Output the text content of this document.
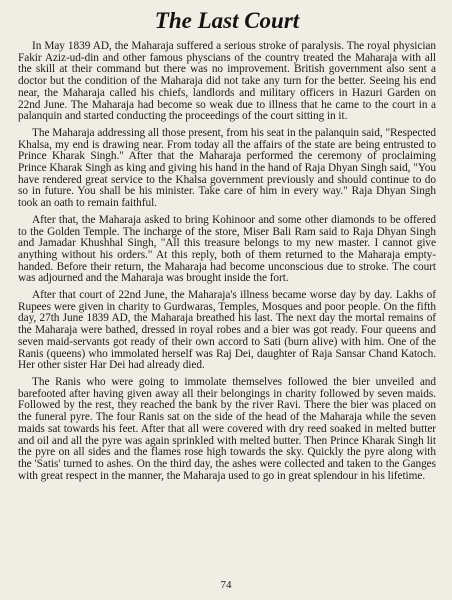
The Last Court

In May 1839 AD, the Maharaja suffered a serious stroke of paralysis. The royal physician Fakir Aziz-ud-din and other famous physcians of the country treated the Maharaja with all the skill at their command but there was no improvement. British government also sent a doctor but the condition of the Maharaja did not take any turn for the better. Seeing his end near, the Maharaja called his chiefs, landlords and military officers in Hazuri Garden on 22nd June. The Maharaja had become so weak due to illness that he came to the court in a palanquin and started conducting the proceedings of the court sitting in it.

The Maharaja addressing all those present, from his seat in the palanquin said, "Respected Khalsa, my end is drawing near. From today all the affairs of the state are being entrusted to Prince Kharak Singh." After that the Maharaja performed the ceremony of proclaiming Prince Kharak Singh as king and giving his hand in the hand of Raja Dhyan Singh said, "You have rendered great service to the Khalsa government previously and should continue to do so in future. You shall be his minister. Take care of him in every way." Raja Dhyan Singh took an oath to remain faithful.

After that, the Maharaja asked to bring Kohinoor and some other diamonds to be offered to the Golden Temple. The incharge of the store, Miser Bali Ram said to Raja Dhyan Singh and Jamadar Khushhal Singh, "All this treasure belongs to my new master. I cannot give anything without his orders." At this reply, both of them returned to the Maharaja empty-handed. Before their return, the Maharaja had become unconscious due to stroke. The court was adjourned and the Maharaja was brought inside the fort.

After that court of 22nd June, the Maharaja's illness became worse day by day. Lakhs of Rupees were given in charity to Gurdwaras, Temples, Mosques and poor people. On the fifth day, 27th June 1839 AD, the Maharaja breathed his last. The next day the mortal remains of the Maharaja were bathed, dressed in royal robes and a bier was got ready. Four queens and seven maid-servants got ready of their own accord to Sati (burn alive) with him. One of the Ranis (queens) who immolated herself was Raj Dei, daughter of Raja Sansar Chand Katoch. Her other sister Har Dei had already died.

The Ranis who were going to immolate themselves followed the bier unveiled and barefooted after having given away all their belongings in charity followed by seven maids. Followed by the rest, they reached the bank by the river Ravi. There the bier was placed on the funeral pyre. The four Ranis sat on the side of the head of the Maharaja while the seven maids sat towards his feet. After that all were covered with dry reed soaked in melted butter and oil and all the pyre was again sprinkled with melted butter. Then Prince Kharak Singh lit the pyre on all sides and the flames rose high towards the sky. Quickly the pyre along with the 'Satis' turned to ashes. On the third day, the ashes were collected and taken to the Ganges with great respect in the manner, the Maharaja used to go in great splendour in his lifetime.

74
